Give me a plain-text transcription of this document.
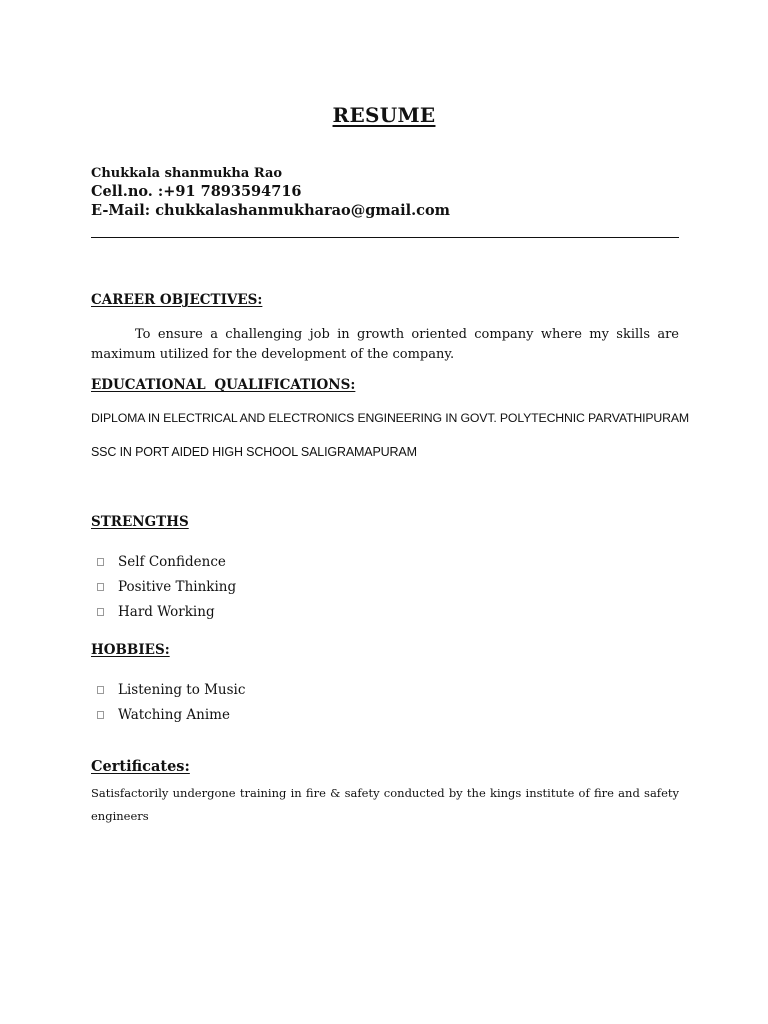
RESUME
Chukkala shanmukha Rao
Cell.no. :+91 7893594716
E-Mail: chukkalashanmukharao@gmail.com
CAREER OBJECTIVES:
To ensure a challenging job in growth oriented company where my skills are maximum utilized for the development of the company.
EDUCATIONAL QUALIFICATIONS:
DIPLOMA IN ELECTRICAL AND ELECTRONICS ENGINEERING IN GOVT. POLYTECHNIC PARVATHIPURAM
SSC IN PORT AIDED HIGH SCHOOL SALIGRAMAPURAM
STRENGTHS
Self Confidence
Positive Thinking
Hard Working
HOBBIES:
Listening to Music
Watching Anime
Certificates:
Satisfactorily undergone training in fire & safety conducted by the kings institute of fire and safety engineers
